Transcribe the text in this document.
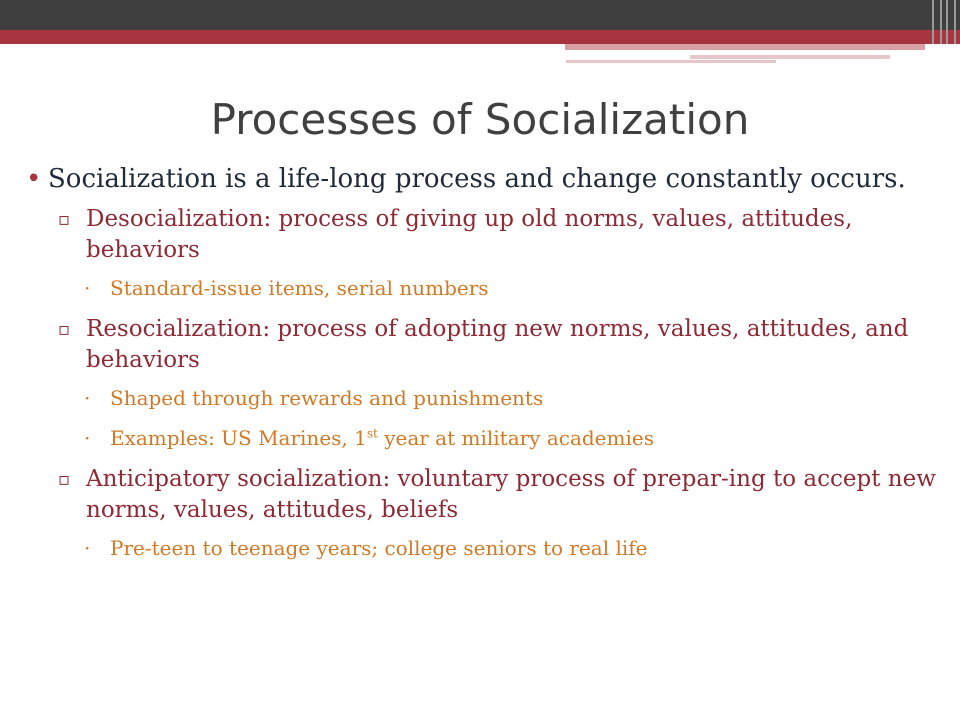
Processes of Socialization
• Socialization is a life-long process and change constantly occurs.
▫ Desocialization: process of giving up old norms, values, attitudes, behaviors
· Standard-issue items, serial numbers
▫ Resocialization: process of adopting new norms, values, attitudes, and behaviors
· Shaped through rewards and punishments
· Examples: US Marines, 1st year at military academies
▫ Anticipatory socialization: voluntary process of prepar-ing to accept new norms, values, attitudes, beliefs
· Pre-teen to teenage years; college seniors to real life
